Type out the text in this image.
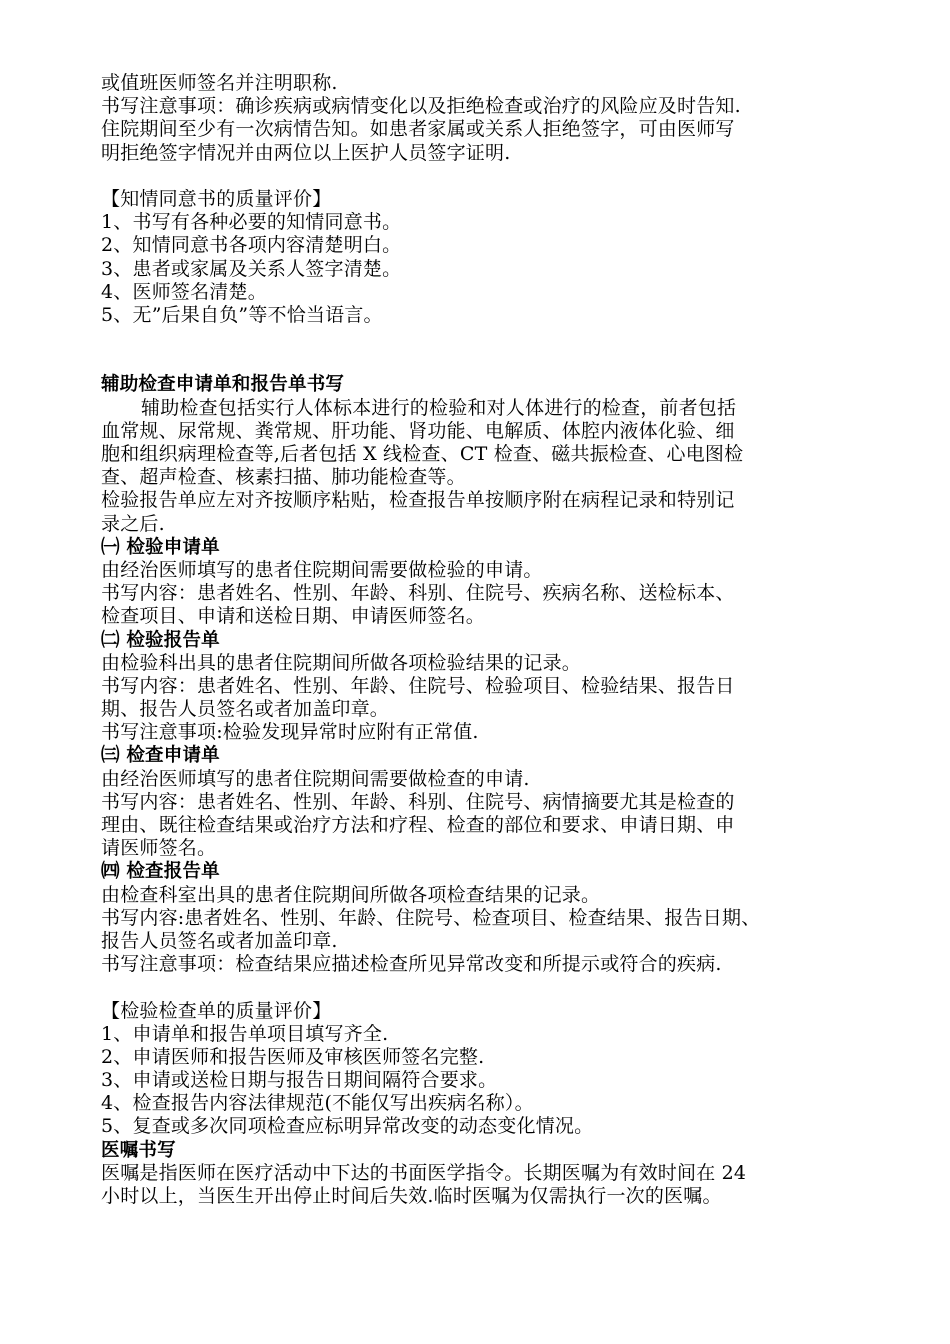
或值班医师签名并注明职称.
书写注意事项：确诊疾病或病情变化以及拒绝检查或治疗的风险应及时告知.
住院期间至少有一次病情告知。如患者家属或关系人拒绝签字，可由医师写
明拒绝签字情况并由两位以上医护人员签字证明.
【知情同意书的质量评价】
1、书写有各种必要的知情同意书。
2、知情同意书各项内容清楚明白。
3、患者或家属及关系人签字清楚。
4、医师签名清楚。
5、无”后果自负”等不恰当语言。
辅助检查申请单和报告单书写
辅助检查包括实行人体标本进行的检验和对人体进行的检查，前者包括
血常规、尿常规、粪常规、肝功能、肾功能、电解质、体腔内液体化验、细
胞和组织病理检查等,后者包括 X 线检查、CT 检查、磁共振检查、心电图检
查、超声检查、核素扫描、肺功能检查等。
检验报告单应左对齐按顺序粘贴，检查报告单按顺序附在病程记录和特别记
录之后.
㈠ 检验申请单
由经治医师填写的患者住院期间需要做检验的申请。
书写内容：患者姓名、性别、年龄、科别、住院号、疾病名称、送检标本、
检查项目、申请和送检日期、申请医师签名。
㈡ 检验报告单
由检验科出具的患者住院期间所做各项检验结果的记录。
书写内容：患者姓名、性别、年龄、住院号、检验项目、检验结果、报告日
期、报告人员签名或者加盖印章。
书写注意事项:检验发现异常时应附有正常值.
㈢ 检查申请单
由经治医师填写的患者住院期间需要做检查的申请.
书写内容：患者姓名、性别、年龄、科别、住院号、病情摘要尤其是检查的
理由、既往检查结果或治疗方法和疗程、检查的部位和要求、申请日期、申
请医师签名。
㈣ 检查报告单
由检查科室出具的患者住院期间所做各项检查结果的记录。
书写内容:患者姓名、性别、年龄、住院号、检查项目、检查结果、报告日期、
报告人员签名或者加盖印章.
书写注意事项：检查结果应描述检查所见异常改变和所提示或符合的疾病.
【检验检查单的质量评价】
1、申请单和报告单项目填写齐全.
2、申请医师和报告医师及审核医师签名完整.
3、申请或送检日期与报告日期间隔符合要求。
4、检查报告内容法律规范(不能仅写出疾病名称）。
5、复查或多次同项检查应标明异常改变的动态变化情况。
医嘱书写
医嘱是指医师在医疗活动中下达的书面医学指令。长期医嘱为有效时间在 24
小时以上，当医生开出停止时间后失效.临时医嘱为仅需执行一次的医嘱。
